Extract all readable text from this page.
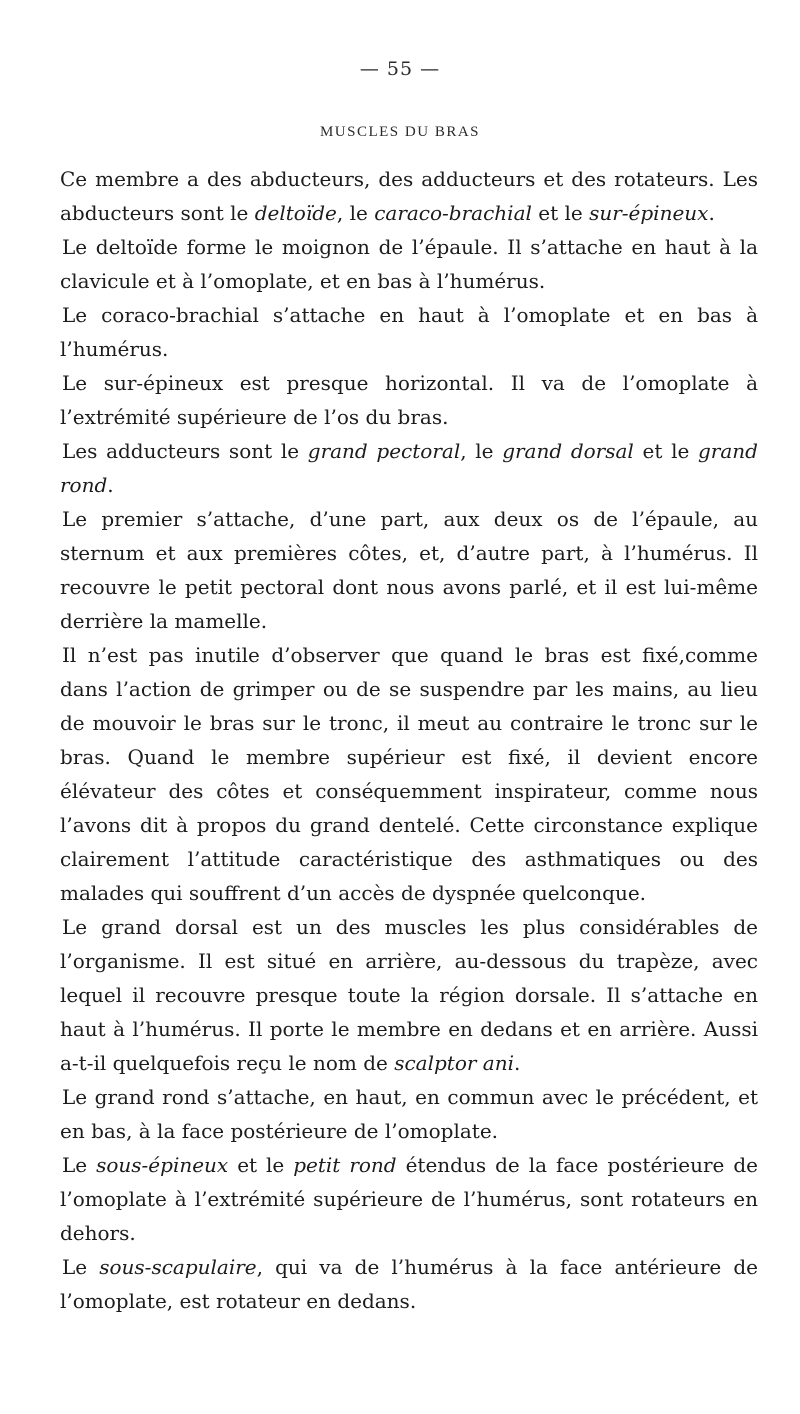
— 55 —
MUSCLES DU BRAS

Ce membre a des abducteurs, des adducteurs et des rotateurs. Les abducteurs sont le deltoïde, le caraco-brachial et le sur-épineux.

Le deltoïde forme le moignon de l’épaule. Il s’attache en haut à la clavicule et à l’omoplate, et en bas à l’humérus.

Le coraco-brachial s’attache en haut à l’omoplate et en bas à l’humérus.

Le sur-épineux est presque horizontal. Il va de l’omoplate à l’extrémité supérieure de l’os du bras.

Les adducteurs sont le grand pectoral, le grand dorsal et le grand rond.

Le premier s’attache, d’une part, aux deux os de l’épaule, au sternum et aux premières côtes, et, d’autre part, à l’humérus. Il recouvre le petit pectoral dont nous avons parlé, et il est lui-même derrière la mamelle.

Il n’est pas inutile d’observer que quand le bras est fixé,comme dans l’action de grimper ou de se suspendre par les mains, au lieu de mouvoir le bras sur le tronc, il meut au contraire le tronc sur le bras. Quand le membre supérieur est fixé, il devient encore élévateur des côtes et conséquemment inspirateur, comme nous l’avons dit à propos du grand dentelé. Cette circonstance explique clairement l’attitude caractéristique des asthmatiques ou des malades qui souffrent d’un accès de dyspnée quelconque.

Le grand dorsal est un des muscles les plus considérables de l’organisme. Il est situé en arrière, au-dessous du trapèze, avec lequel il recouvre presque toute la région dorsale. Il s’attache en haut à l’humérus. Il porte le membre en dedans et en arrière. Aussi a-t-il quelquefois reçu le nom de scalptor ani.

Le grand rond s’attache, en haut, en commun avec le précédent, et en bas, à la face postérieure de l’omoplate.

Le sous-épineux et le petit rond étendus de la face postérieure de l’omoplate à l’extrémité supérieure de l’humérus, sont rotateurs en dehors.

Le sous-scapulaire, qui va de l’humérus à la face antérieure de l’omoplate, est rotateur en dedans.
